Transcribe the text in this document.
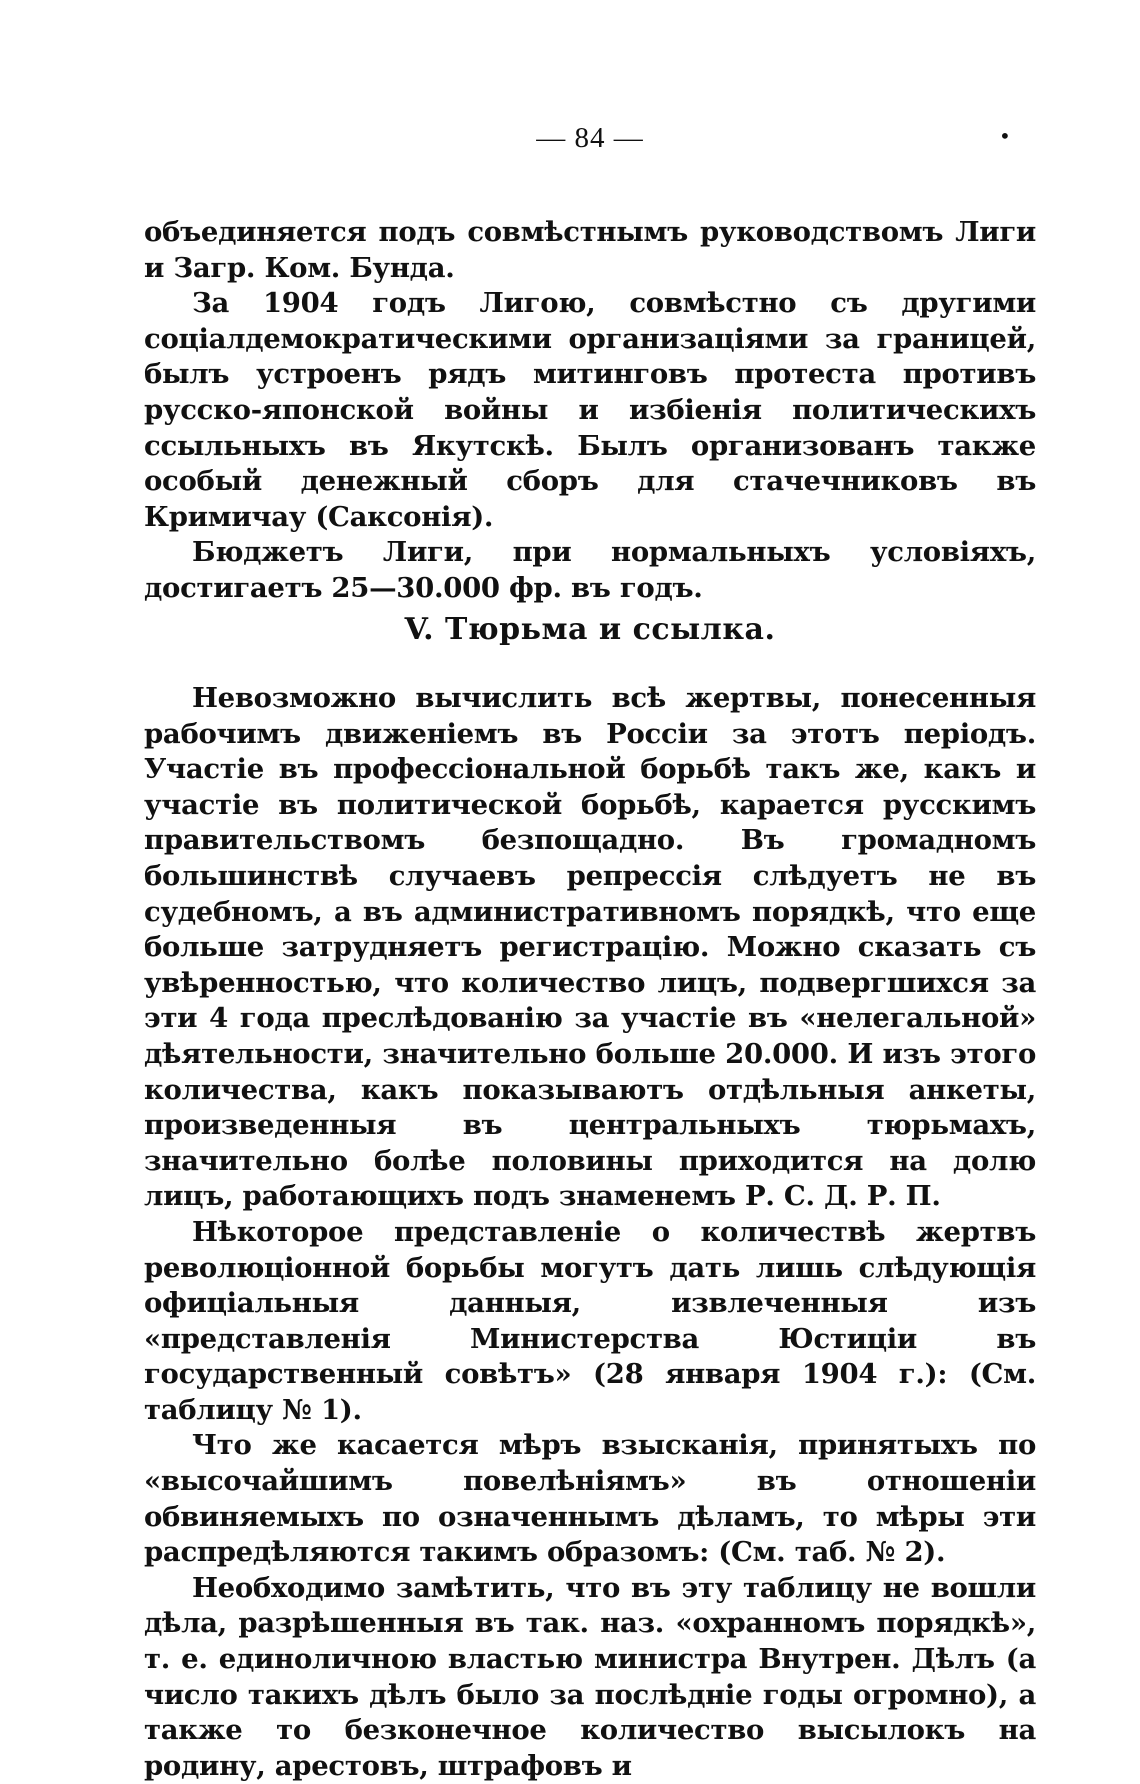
— 84 —	•

объединяется подъ совмѣстнымъ руководствомъ Лиги и Загр. Ком. Бунда.

За 1904 годъ Лигою, совмѣстно съ другими соціалдемократическими организаціями за границей, былъ устроенъ рядъ митинговъ протеста противъ русско-японской войны и избіенія политическихъ ссыльныхъ въ Якутскѣ. Былъ организованъ также особый денежный сборъ для стачечниковъ въ Кримичау (Саксонія).

Бюджетъ Лиги, при нормальныхъ условіяхъ, достигаетъ 25—30.000 фр. въ годъ.

V. Тюрьма и ссылка.

Невозможно вычислить всѣ жертвы, понесенныя рабочимъ движеніемъ въ Россіи за этотъ періодъ. Участіе въ профессіональной борьбѣ такъ же, какъ и участіе въ политической борьбѣ, карается русскимъ правительствомъ безпощадно. Въ громадномъ большинствѣ случаевъ репрессія слѣдуетъ не въ судебномъ, а въ административномъ порядкѣ, что еще больше затрудняетъ регистрацію. Можно сказать съ увѣренностью, что количество лицъ, подвергшихся за эти 4 года преслѣдованію за участіе въ «нелегальной» дѣятельности, значительно больше 20.000. И изъ этого количества, какъ показываютъ отдѣльныя анкеты, произведенныя въ центральныхъ тюрьмахъ, значительно болѣе половины приходится на долю лицъ, работающихъ подъ знаменемъ Р. С. Д. Р. П.

Нѣкоторое представленіе о количествѣ жертвъ революціонной борьбы могутъ дать лишь слѣдующія офиціальныя данныя, извлеченныя изъ «представленія Министерства Юстиціи въ государственный совѣтъ» (28 января 1904 г.): (См. таблицу № 1).

Что же касается мѣръ взысканія, принятыхъ по «высочайшимъ повелѣніямъ» въ отношеніи обвиняемыхъ по означеннымъ дѣламъ, то мѣры эти распредѣляются такимъ образомъ: (См. таб. № 2).

Необходимо замѣтить, что въ эту таблицу не вошли дѣла, разрѣшенныя въ так. наз. «охранномъ порядкѣ», т. е. единоличною властью министра Внутрен. Дѣлъ (а число такихъ дѣлъ было за послѣдніе годы огромно), а также то безконечное количество высылокъ на родину, арестовъ, штрафовъ и
